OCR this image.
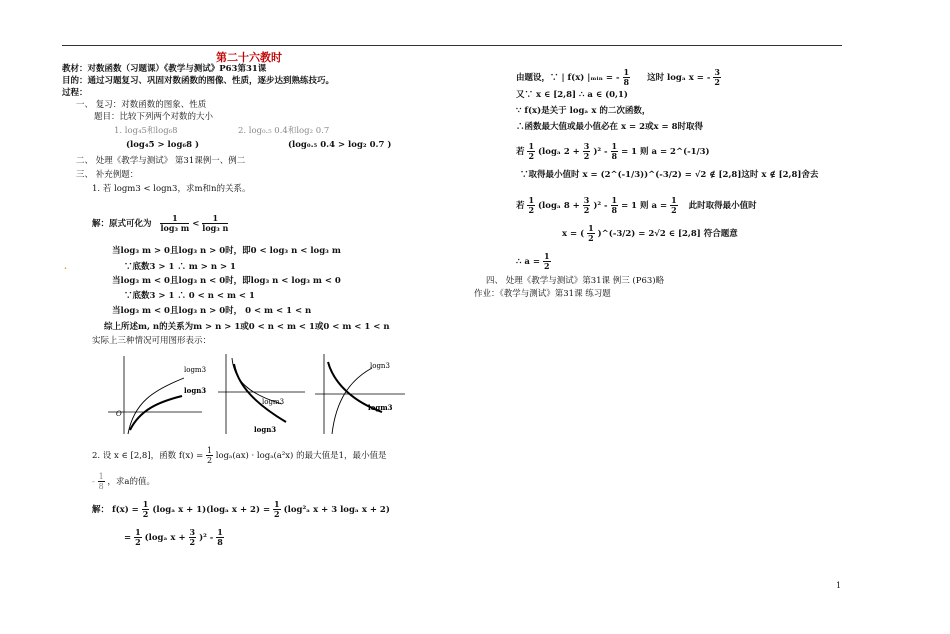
第二十六教时
教材：对数函数（习题课）《教学与测试》P63第31课
目的：通过习题复习、巩固对数函数的图像、性质，逐步达到熟练技巧。
过程：
一、 复习：对数函数的图象、性质
题目：比较下列两个对数的大小
1. log₄5和log₆8	2. log₀.₅ 0.4和log₂ 0.7
(log₄5 > log₆8 )	(log₀.₅ 0.4 > log₂ 0.7 )
二、 处理《教学与测试》 第31课例一、例二
三、 补充例题：
1. 若 logm3 < logn3，求m和n的关系。
解：原式可化为 $\frac{1}{\text{log₃ m}} < \frac{1}{\text{log₃ n}}$
当log₃ m > 0且log₃ n > 0时，即0 < log₃ n < log₃ m
.	∵底数3 > 1 ∴ m > n > 1
当log₃ m < 0且log₃ n < 0时，即log₃ n < log₃ m < 0
∵底数3 > 1 ∴ 0 < n < m < 1
当log₃ m < 0且log₃ n > 0时， 0 < m < 1 < n
综上所述m, n的关系为m > n > 1或0 < n < m < 1或0 < m < 1 < n
实际上三种情况可用图形表示：
logm3
logn3
O
logm3
logn3
logn3
logm3
2. 设 x ∈ [2,8]，函数 $f(x) = \frac{1}{2} \log_a(ax) \cdot \log_a(a^2x)$ 的最大值是1，最小值是
- $\frac{1}{8}$ ，求a的值。
解： $f(x) = \frac{1}{2} (\log_a$ x + 1)(logₐ $x + 2) = \frac{1}{2} (\log^2_a$ x + 3 logₐ x + 2)
= $\frac{1}{2} (\log_a$ $x + \frac{3}{2} )^2 - \frac{1}{8}$
由题设，∵ | f(x) |ₘᵢₙ = - $\frac{1}{8}$ 这时 logₐ x = - $\frac{3}{2}$
又∵ x ∈ [2,8] ∴ a ∈ (0,1)
∵ f(x)是关于 logₐ x 的二次函数，
∴函数最大值或最小值必在 x = 2或x = 8时取得
若 $\frac{1}{2} (\log_a$ $2 + \frac{3}{2} )^2 - \frac{1}{8} = 1$ 则 a = 2^(-1/3)
∵取得最小值时 x = (2^(-1/3))^(-3/2) = √2 ∉ [2,8]这时 x ∉ [2,8]舍去
若 $\frac{1}{2} (\log_a$ $8 + \frac{3}{2} )^2 - \frac{1}{8} = 1$ 则 $a = \frac{1}{2}$ 此时取得最小值时
x = ( $\frac{1}{2}$ )^(-3/2) = 2√2 ∈ [2,8] 符合题意
∴ $a = \frac{1}{2}$
四、 处理《教学与测试》第31课 例三 (P63)略
作业：《教学与测试》第31课 练习题
1
